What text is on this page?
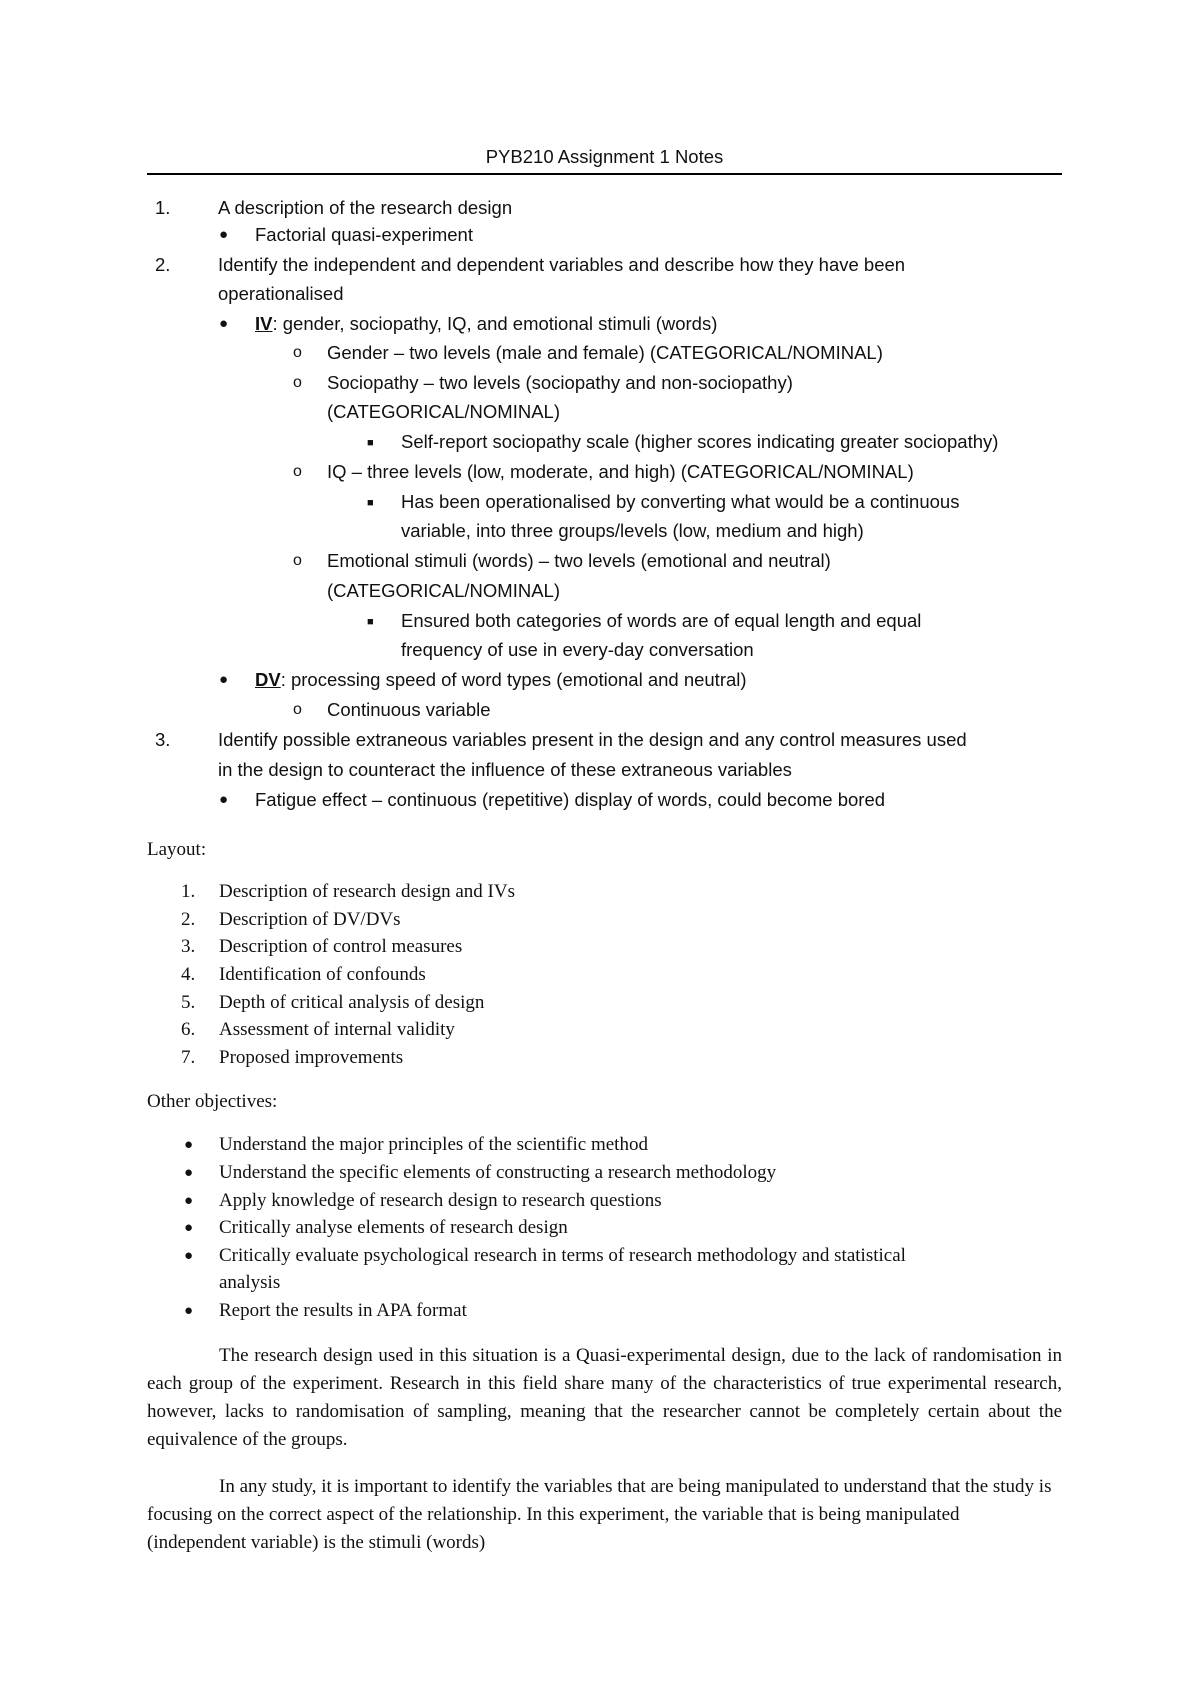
PYB210 Assignment 1 Notes
1.	A description of the research design
● Factorial quasi-experiment
2.	Identify the independent and dependent variables and describe how they have been
operationalised
● IV: gender, sociopathy, IQ, and emotional stimuli (words)
o Gender – two levels (male and female) (CATEGORICAL/NOMINAL)
o Sociopathy – two levels (sociopathy and non-sociopathy)
(CATEGORICAL/NOMINAL)
■ Self-report sociopathy scale (higher scores indicating greater sociopathy)
o IQ – three levels (low, moderate, and high) (CATEGORICAL/NOMINAL)
■ Has been operationalised by converting what would be a continuous
variable, into three groups/levels (low, medium and high)
o Emotional stimuli (words) – two levels (emotional and neutral)
(CATEGORICAL/NOMINAL)
■ Ensured both categories of words are of equal length and equal
frequency of use in every-day conversation
● DV: processing speed of word types (emotional and neutral)
o Continuous variable
3.	Identify possible extraneous variables present in the design and any control measures used
in the design to counteract the influence of these extraneous variables
● Fatigue effect – continuous (repetitive) display of words, could become bored
Layout:
1. Description of research design and IVs
2. Description of DV/DVs
3. Description of control measures
4. Identification of confounds
5. Depth of critical analysis of design
6. Assessment of internal validity
7. Proposed improvements
Other objectives:
● Understand the major principles of the scientific method
● Understand the specific elements of constructing a research methodology
● Apply knowledge of research design to research questions
● Critically analyse elements of research design
● Critically evaluate psychological research in terms of research methodology and statistical
analysis
● Report the results in APA format
The research design used in this situation is a Quasi-experimental design, due to the lack of randomisation in each group of the experiment. Research in this field share many of the characteristics of true experimental research, however, lacks to randomisation of sampling, meaning that the researcher cannot be completely certain about the equivalence of the groups.
In any study, it is important to identify the variables that are being manipulated to understand that the study is focusing on the correct aspect of the relationship. In this experiment, the variable that is being manipulated (independent variable) is the stimuli (words)
